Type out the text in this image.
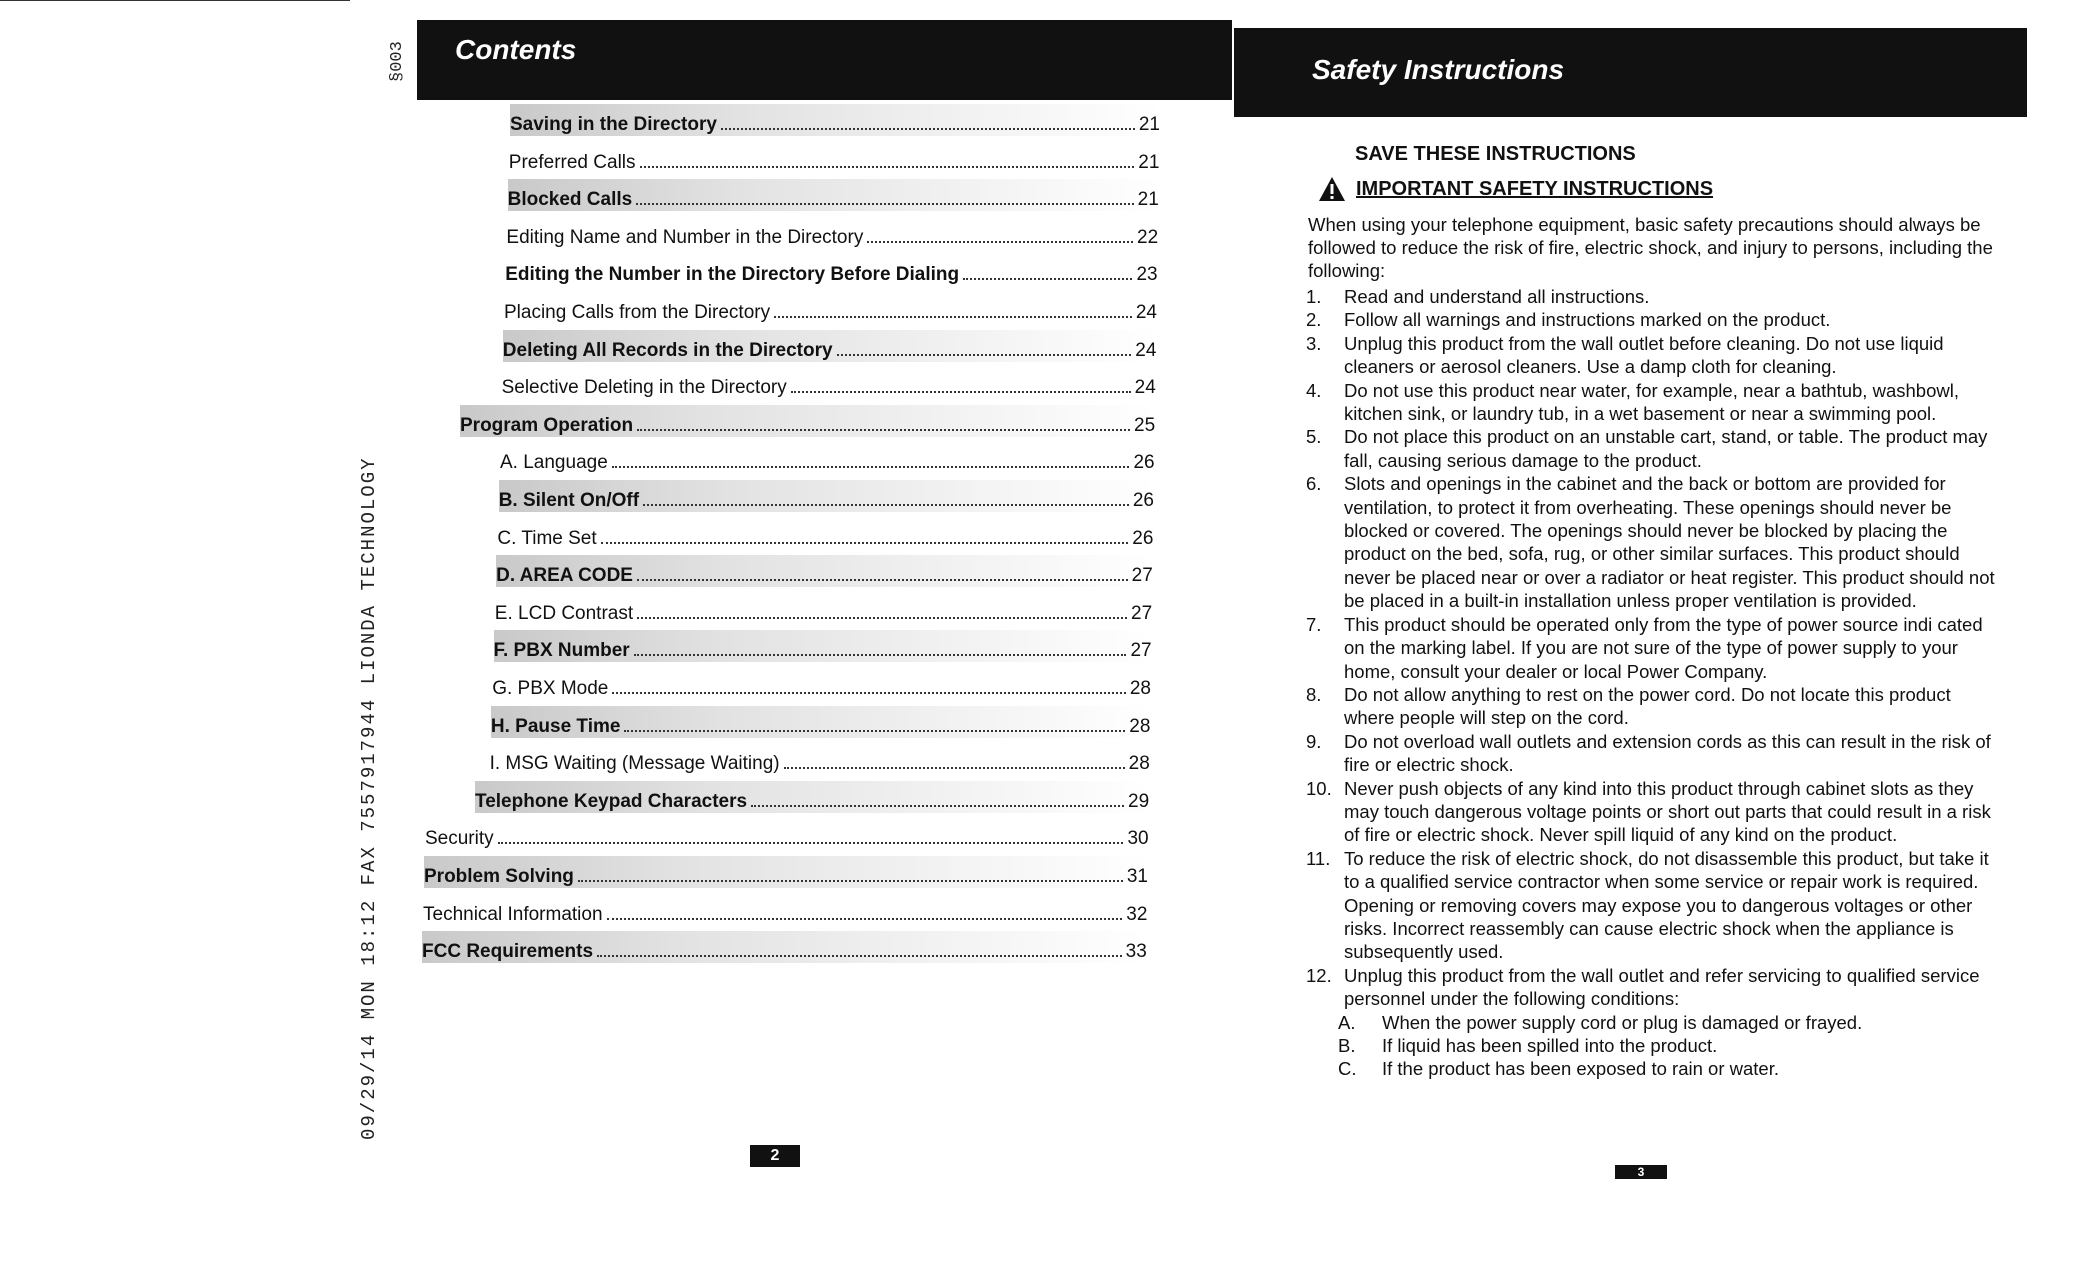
09/29/14 MON 18:12 FAX 7557917944 LIONDA TECHNOLOGY
§003	Contents
Safety Instructions
Saving in the Directory	21
Preferred Calls	21
Blocked Calls	21
Editing Name and Number in the Directory	22
Editing the Number in the Directory Before Dialing	23
Placing Calls from the Directory	24
Deleting All Records in the Directory	24
Selective Deleting in the Directory	24
Program Operation	25
A. Language	26
B. Silent On/Off	26
C. Time Set	26
D. AREA CODE	27
E. LCD Contrast	27
F. PBX Number	27
G. PBX Mode	28
H. Pause Time	28
I. MSG Waiting (Message Waiting)	28
Telephone Keypad Characters	29
Security	30
Problem Solving	31
Technical Information	32
FCC Requirements	33
2
3
SAVE THESE INSTRUCTIONS
IMPORTANT SAFETY INSTRUCTIONS
When using your telephone equipment, basic safety precautions should always be followed to reduce the risk of fire, electric shock, and injury to persons, including the following:
1.	Read and understand all instructions.
2.	Follow all warnings and instructions marked on the product.
3.	Unplug this product from the wall outlet before cleaning. Do not use liquid cleaners or aerosol cleaners. Use a damp cloth for cleaning.
4.	Do not use this product near water, for example, near a bathtub, washbowl, kitchen sink, or laundry tub, in a wet basement or near a swimming pool.
5.	Do not place this product on an unstable cart, stand, or table. The product may fall, causing serious damage to the product.
6.	Slots and openings in the cabinet and the back or bottom are provided for ventilation, to protect it from overheating. These openings should never be blocked or covered. The openings should never be blocked by placing the product on the bed, sofa, rug, or other similar surfaces. This product should never be placed near or over a radiator or heat register. This product should not be placed in a built-in installation unless proper ventilation is provided.
7.	This product should be operated only from the type of power source indi cated on the marking label. If you are not sure of the type of power supply to your home, consult your dealer or local Power Company.
8.	Do not allow anything to rest on the power cord. Do not locate this product where people will step on the cord.
9.	Do not overload wall outlets and extension cords as this can result in the risk of fire or electric shock.
10. Never push objects of any kind into this product through cabinet slots as they may touch dangerous voltage points or short out parts that could result in a risk of fire or electric shock. Never spill liquid of any kind on the product.
11. To reduce the risk of electric shock, do not disassemble this product, but take it to a qualified service contractor when some service or repair work is required. Opening or removing covers may expose you to dangerous voltages or other risks. Incorrect reassembly can cause electric shock when the appliance is subsequently used.
12. Unplug this product from the wall outlet and refer servicing to qualified service personnel under the following conditions:
A.	When the power supply cord or plug is damaged or frayed.
B.	If liquid has been spilled into the product.
C.	If the product has been exposed to rain or water.
